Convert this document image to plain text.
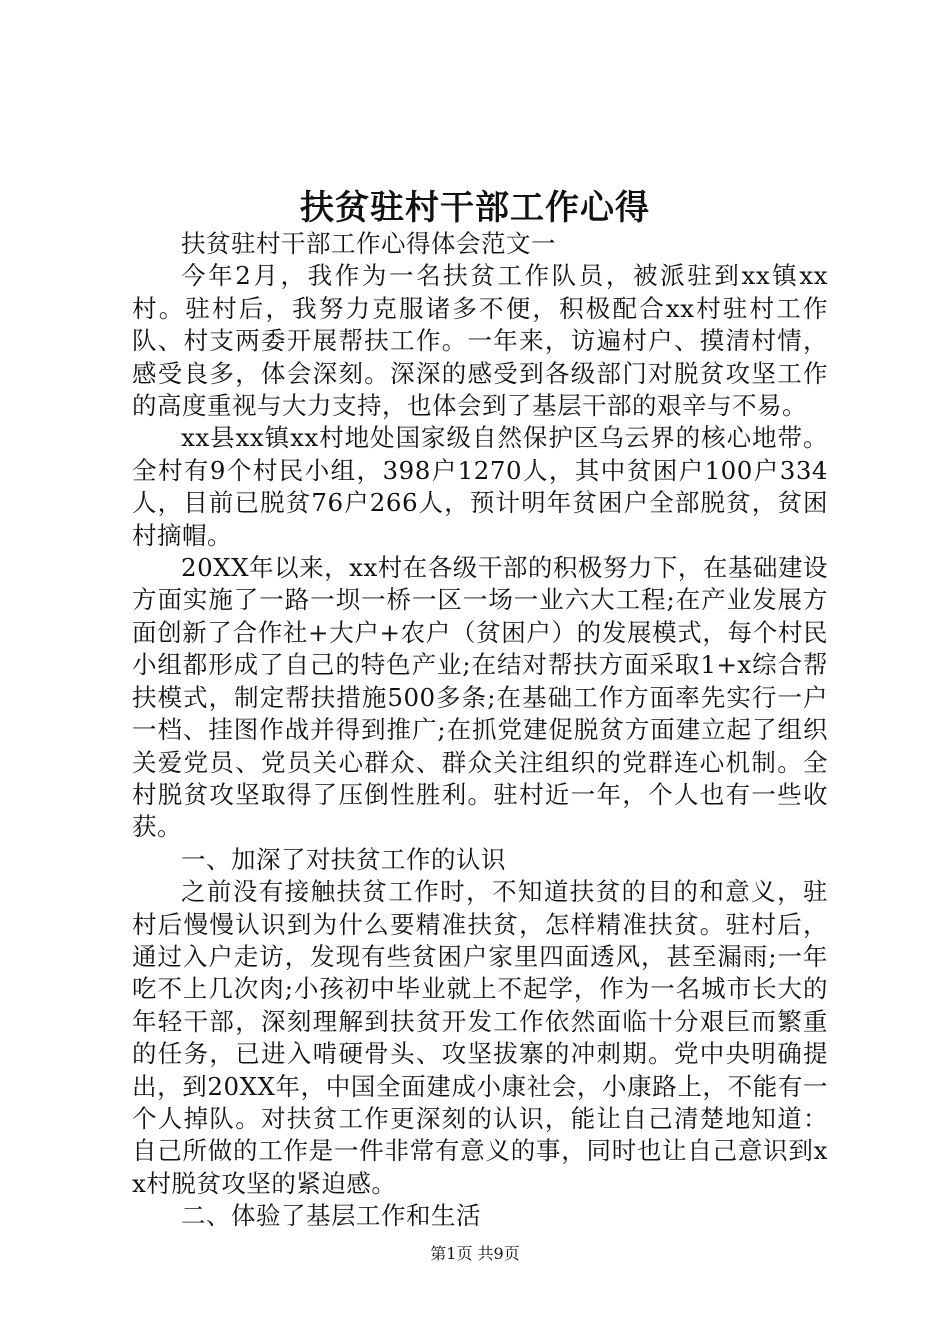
扶贫驻村干部工作心得

扶贫驻村干部工作心得体会范文一

今年2月，我作为一名扶贫工作队员，被派驻到xx镇xx村。驻村后，我努力克服诸多不便，积极配合xx村驻村工作队、村支两委开展帮扶工作。一年来，访遍村户、摸清村情，感受良多，体会深刻。深深的感受到各级部门对脱贫攻坚工作的高度重视与大力支持，也体会到了基层干部的艰辛与不易。

xx县xx镇xx村地处国家级自然保护区乌云界的核心地带。全村有9个村民小组，398户1270人，其中贫困户100户334人，目前已脱贫76户266人，预计明年贫困户全部脱贫，贫困村摘帽。

20XX年以来，xx村在各级干部的积极努力下，在基础建设方面实施了一路一坝一桥一区一场一业六大工程;在产业发展方面创新了合作社+大户+农户（贫困户）的发展模式，每个村民小组都形成了自己的特色产业;在结对帮扶方面采取1+x综合帮扶模式，制定帮扶措施500多条;在基础工作方面率先实行一户一档、挂图作战并得到推广;在抓党建促脱贫方面建立起了组织关爱党员、党员关心群众、群众关注组织的党群连心机制。全村脱贫攻坚取得了压倒性胜利。驻村近一年，个人也有一些收获。

一、加深了对扶贫工作的认识

之前没有接触扶贫工作时，不知道扶贫的目的和意义，驻村后慢慢认识到为什么要精准扶贫，怎样精准扶贫。驻村后，通过入户走访，发现有些贫困户家里四面透风，甚至漏雨;一年吃不上几次肉;小孩初中毕业就上不起学，作为一名城市长大的年轻干部，深刻理解到扶贫开发工作依然面临十分艰巨而繁重的任务，已进入啃硬骨头、攻坚拔寨的冲刺期。党中央明确提出，到20XX年，中国全面建成小康社会，小康路上，不能有一个人掉队。对扶贫工作更深刻的认识，能让自己清楚地知道：自己所做的工作是一件非常有意义的事，同时也让自己意识到xx村脱贫攻坚的紧迫感。

二、体验了基层工作和生活

第1页 共9页
